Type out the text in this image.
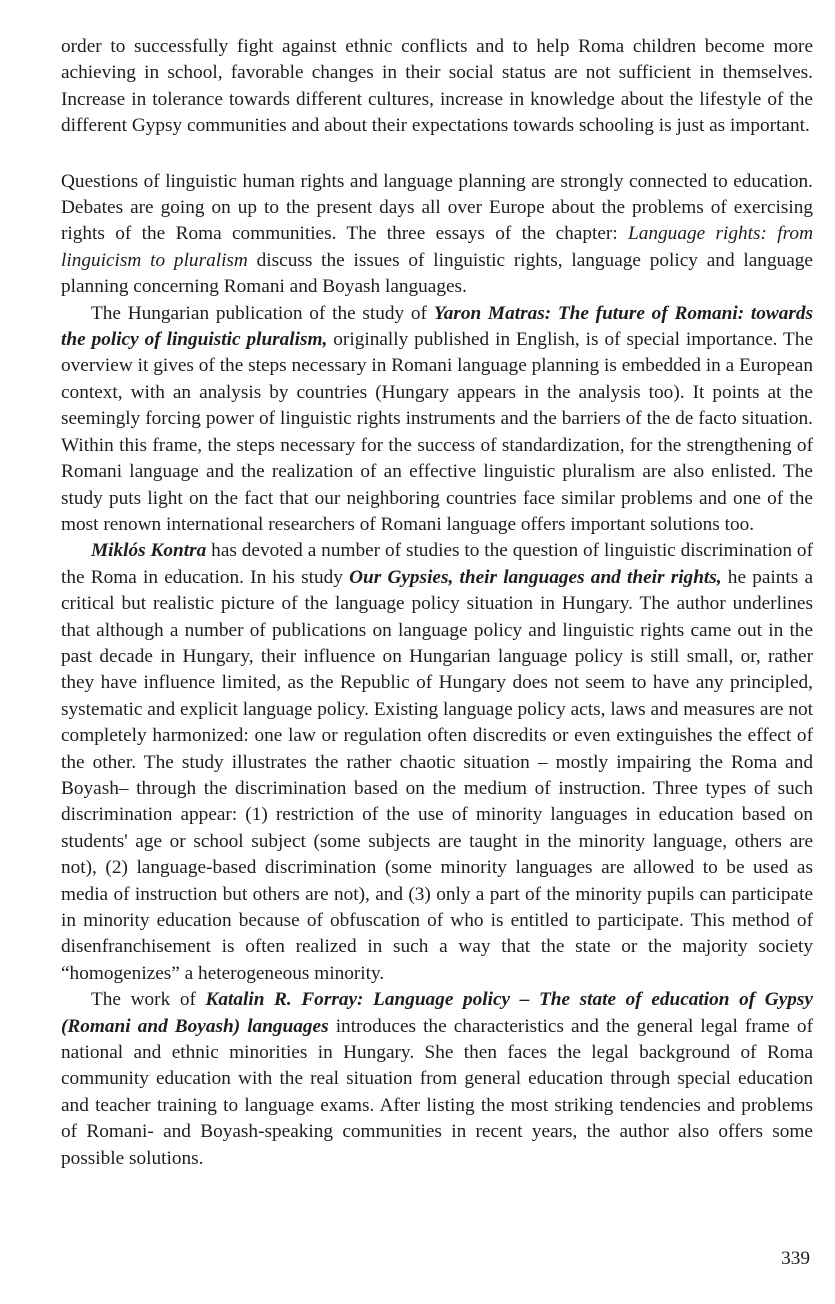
order to successfully fight against ethnic conflicts and to help Roma children become more achieving in school, favorable changes in their social status are not sufficient in themselves. Increase in tolerance towards different cultures, increase in knowledge about the lifestyle of the different Gypsy communities and about their expectations towards schooling is just as important.

Questions of linguistic human rights and language planning are strongly connected to education. Debates are going on up to the present days all over Europe about the problems of exercising rights of the Roma communities. The three essays of the chapter: Language rights: from linguicism to pluralism discuss the issues of linguistic rights, language policy and language planning concerning Romani and Boyash languages.

The Hungarian publication of the study of Yaron Matras: The future of Romani: towards the policy of linguistic pluralism, originally published in English, is of special importance. The overview it gives of the steps necessary in Romani language planning is embedded in a European context, with an analysis by countries (Hungary appears in the analysis too). It points at the seemingly forcing power of linguistic rights instruments and the barriers of the de facto situation. Within this frame, the steps necessary for the success of standardization, for the strengthening of Romani language and the realization of an effective linguistic pluralism are also enlisted. The study puts light on the fact that our neighboring countries face similar problems and one of the most renown international researchers of Romani language offers important solutions too.

Miklós Kontra has devoted a number of studies to the question of linguistic discrimination of the Roma in education. In his study Our Gypsies, their languages and their rights, he paints a critical but realistic picture of the language policy situation in Hungary. The author underlines that although a number of publications on language policy and linguistic rights came out in the past decade in Hungary, their influence on Hungarian language policy is still small, or, rather they have influence limited, as the Republic of Hungary does not seem to have any principled, systematic and explicit language policy. Existing language policy acts, laws and measures are not completely harmonized: one law or regulation often discredits or even extinguishes the effect of the other. The study illustrates the rather chaotic situation – mostly impairing the Roma and Boyash– through the discrimination based on the medium of instruction. Three types of such discrimination appear: (1) restriction of the use of minority languages in education based on students' age or school subject (some subjects are taught in the minority language, others are not), (2) language-based discrimination (some minority languages are allowed to be used as media of instruction but others are not), and (3) only a part of the minority pupils can participate in minority education because of obfuscation of who is entitled to participate. This method of disenfranchisement is often realized in such a way that the state or the majority society “homogenizes” a heterogeneous minority.

The work of Katalin R. Forray: Language policy – The state of education of Gypsy (Romani and Boyash) languages introduces the characteristics and the general legal frame of national and ethnic minorities in Hungary. She then faces the legal background of Roma community education with the real situation from general education through special education and teacher training to language exams. After listing the most striking tendencies and problems of Romani- and Boyash-speaking communities in recent years, the author also offers some possible solutions.

339
